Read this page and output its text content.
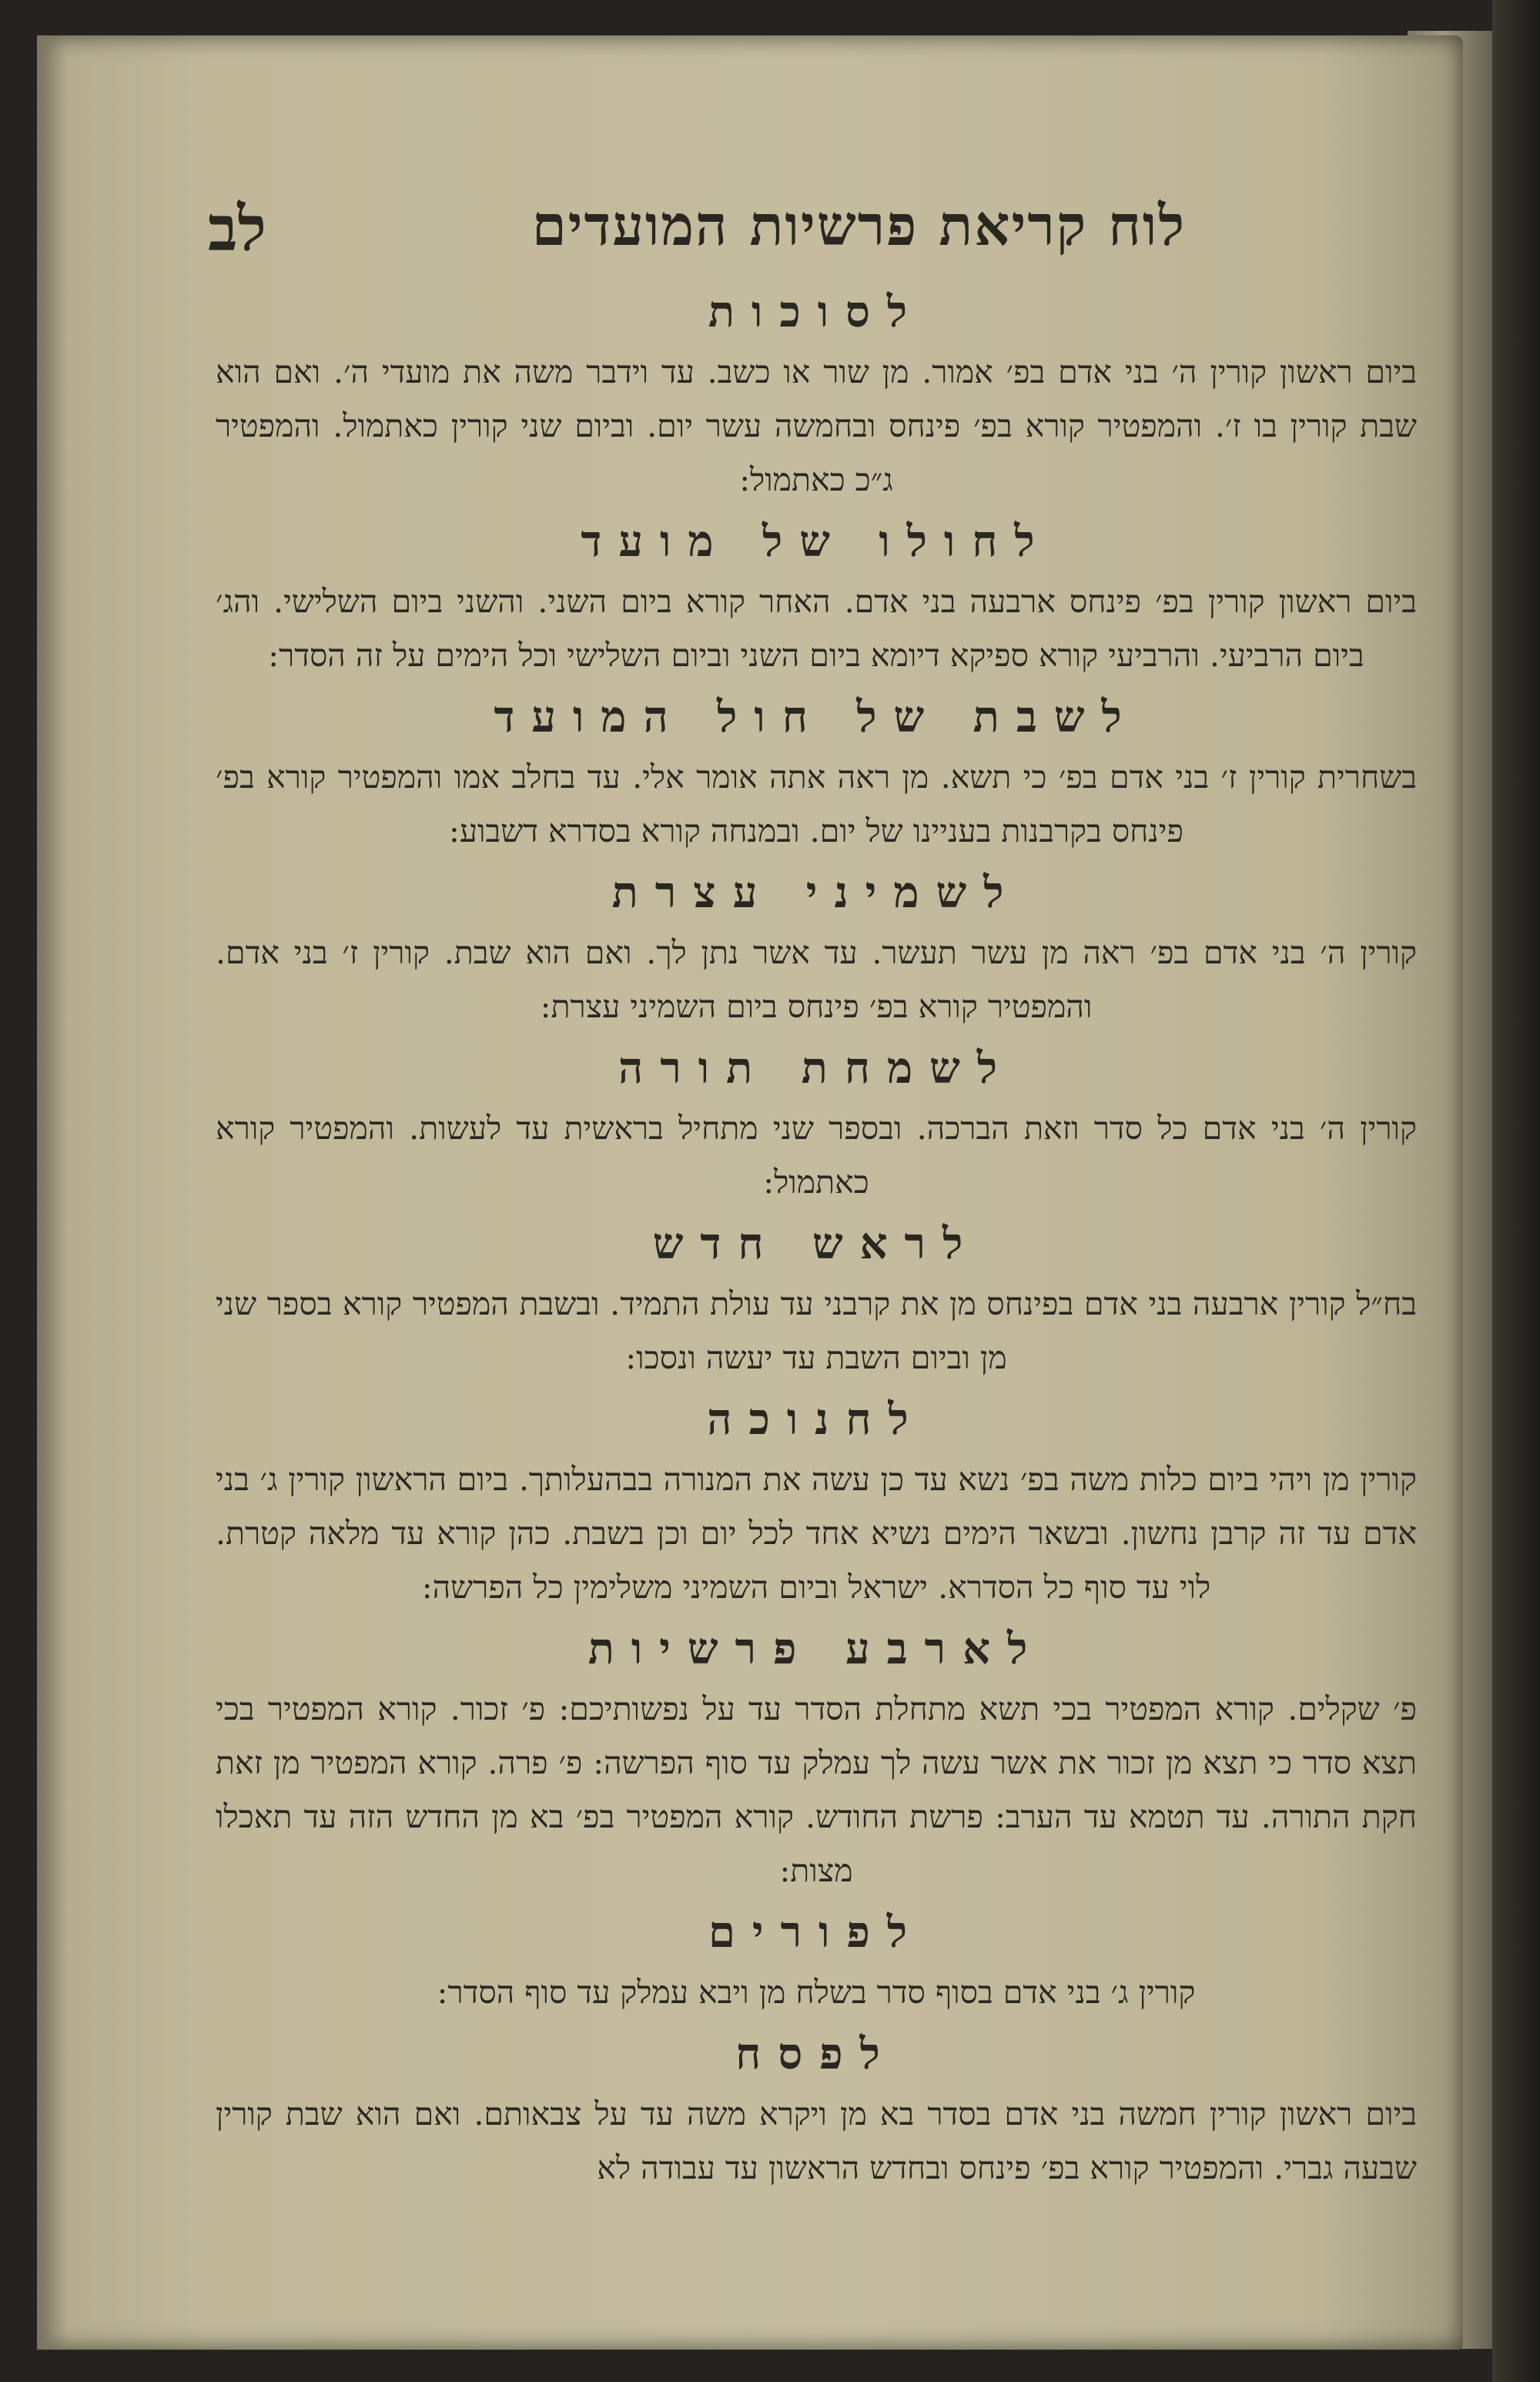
לוח קריאת פרשיות המועדים
לב
לסוכות

ביום ראשון קורין ה׳ בני אדם בפ׳ אמור. מן שור או כשב. עד וידבר משה את מועדי ה׳. ואם הוא שבת קורין בו ז׳. והמפטיר קורא בפ׳ פינחס ובחמשה עשר יום. וביום שני קורין כאתמול. והמפטיר ג״כ כאתמול:

לחולו של מועד

ביום ראשון קורין בפ׳ פינחס ארבעה בני אדם. האחר קורא ביום השני. והשני ביום השלישי. והג׳ ביום הרביעי. והרביעי קורא ספיקא דיומא ביום השני וביום השלישי וכל הימים על זה הסדר:

לשבת של חול המועד

בשחרית קורין ז׳ בני אדם בפ׳ כי תשא. מן ראה אתה אומר אלי. עד בחלב אמו והמפטיר קורא בפ׳ פינחס בקרבנות בעניינו של יום. ובמנחה קורא בסדרא דשבוע:

לשמיני עצרת

קורין ה׳ בני אדם בפ׳ ראה מן עשר תעשר. עד אשר נתן לך. ואם הוא שבת. קורין ז׳ בני אדם. והמפטיר קורא בפ׳ פינחס ביום השמיני עצרת:

לשמחת תורה

קורין ה׳ בני אדם כל סדר וזאת הברכה. ובספר שני מתחיל בראשית עד לעשות. והמפטיר קורא כאתמול:

לראש חדש

בח״ל קורין ארבעה בני אדם בפינחס מן את קרבני עד עולת התמיד. ובשבת המפטיר קורא בספר שני מן וביום השבת עד יעשה ונסכו:

לחנוכה

קורין מן ויהי ביום כלות משה בפ׳ נשא עד כן עשה את המנורה בבהעלותך. ביום הראשון קורין ג׳ בני אדם עד זה קרבן נחשון. ובשאר הימים נשיא אחד לכל יום וכן בשבת. כהן קורא עד מלאה קטרת. לוי עד סוף כל הסדרא. ישראל וביום השמיני משלימין כל הפרשה:

לארבע פרשיות

פ׳ שקלים. קורא המפטיר בכי תשא מתחלת הסדר עד על נפשותיכם: פ׳ זכור. קורא המפטיר בכי תצא סדר כי תצא מן זכור את אשר עשה לך עמלק עד סוף הפרשה: פ׳ פרה. קורא המפטיר מן זאת חקת התורה. עד תטמא עד הערב: פרשת החודש. קורא המפטיר בפ׳ בא מן החדש הזה עד תאכלו מצות:

לפורים

קורין ג׳ בני אדם בסוף סדר בשלח מן ויבא עמלק עד סוף הסדר:

לפסח

ביום ראשון קורין חמשה בני אדם בסדר בא מן ויקרא משה עד על צבאותם. ואם הוא שבת קורין שבעה גברי. והמפטיר קורא בפ׳ פינחס ובחדש הראשון עד עבודה לא
